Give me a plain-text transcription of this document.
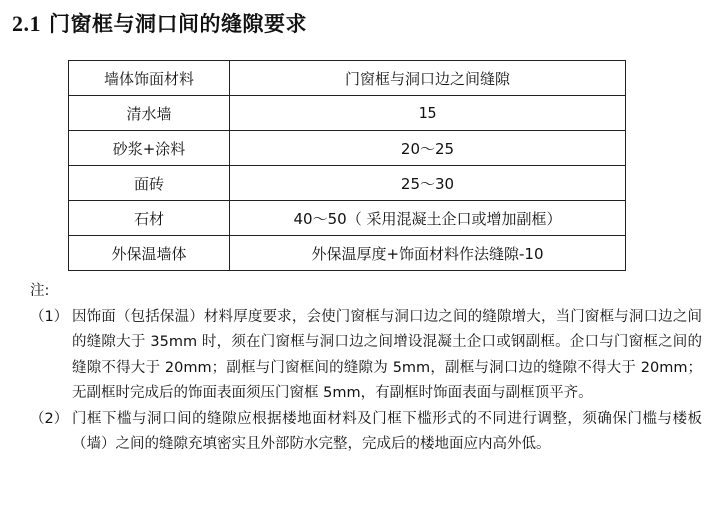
2.1 门窗框与洞口间的缝隙要求
墙体饰面材料	门窗框与洞口边之间缝隙
清水墙	15
砂浆+涂料	20～25
面砖	25～30
石材	40～50（ 采用混凝土企口或增加副框）
外保温墙体	外保温厚度+饰面材料作法缝隙-10
注:
（1） 因饰面（包括保温）材料厚度要求，会使门窗框与洞口边之间的缝隙增大，当门窗框与洞口边之间的缝隙大于 35mm 时，须在门窗框与洞口边之间增设混凝土企口或钢副框。企口与门窗框之间的缝隙不得大于 20mm；副框与门窗框间的缝隙为 5mm，副框与洞口边的缝隙不得大于 20mm；无副框时完成后的饰面表面须压门窗框 5mm，有副框时饰面表面与副框顶平齐。
（2） 门框下槛与洞口间的缝隙应根据楼地面材料及门框下槛形式的不同进行调整，须确保门槛与楼板（墙）之间的缝隙充填密实且外部防水完整，完成后的楼地面应内高外低。
